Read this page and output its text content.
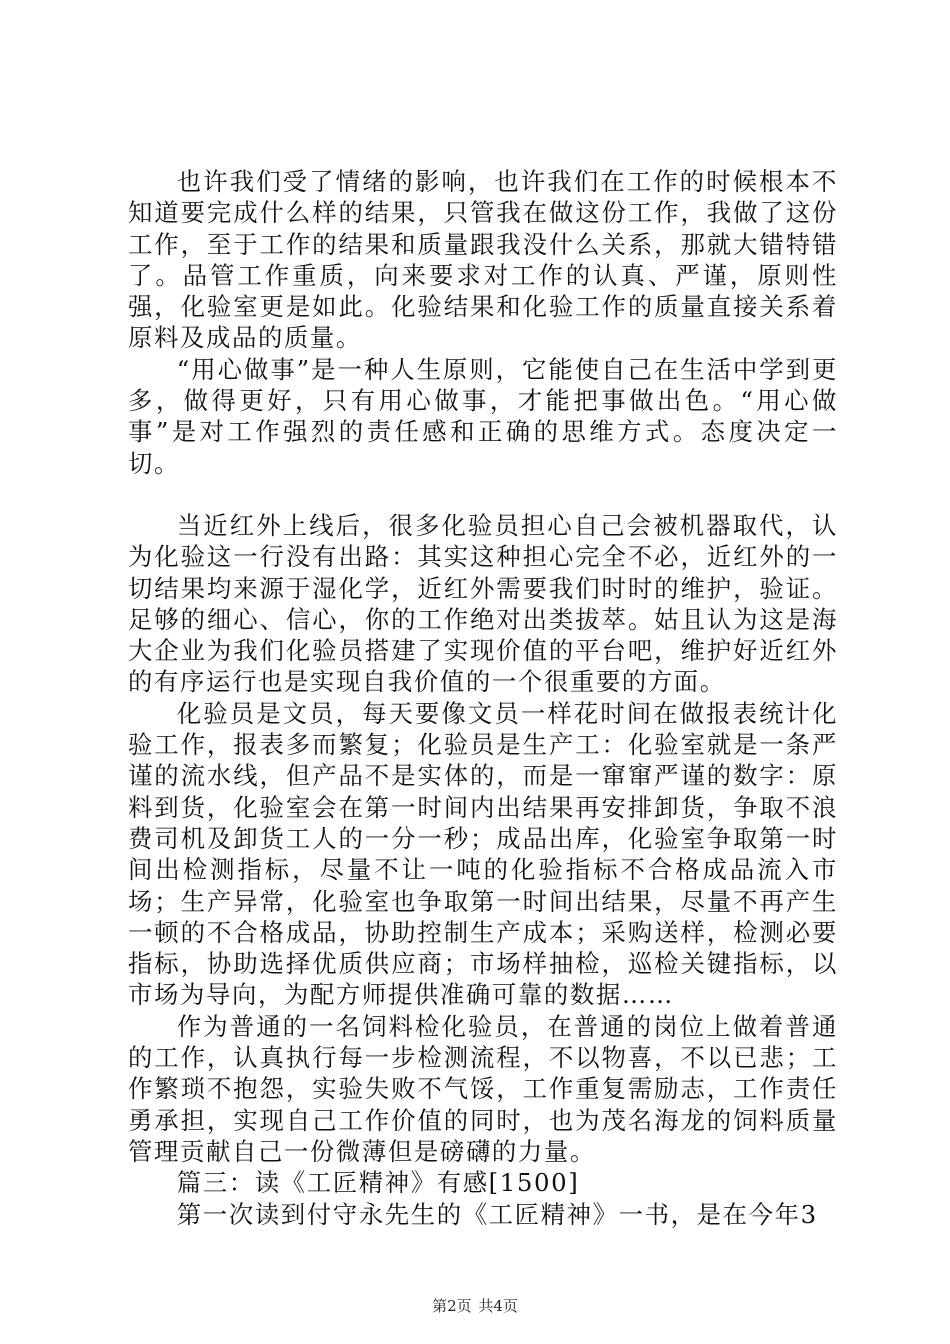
也许我们受了情绪的影响，也许我们在工作的时候根本不知道要完成什么样的结果，只管我在做这份工作，我做了这份工作，至于工作的结果和质量跟我没什么关系，那就大错特错了。品管工作重质，向来要求对工作的认真、严谨，原则性强，化验室更是如此。化验结果和化验工作的质量直接关系着原料及成品的质量。

“用心做事”是一种人生原则，它能使自己在生活中学到更多，做得更好，只有用心做事，才能把事做出色。“用心做事”是对工作强烈的责任感和正确的思维方式。态度决定一切。

当近红外上线后，很多化验员担心自己会被机器取代，认为化验这一行没有出路：其实这种担心完全不必，近红外的一切结果均来源于湿化学，近红外需要我们时时的维护，验证。足够的细心、信心，你的工作绝对出类拔萃。姑且认为这是海大企业为我们化验员搭建了实现价值的平台吧，维护好近红外的有序运行也是实现自我价值的一个很重要的方面。

化验员是文员，每天要像文员一样花时间在做报表统计化验工作，报表多而繁复；化验员是生产工：化验室就是一条严谨的流水线，但产品不是实体的，而是一窜窜严谨的数字：原料到货，化验室会在第一时间内出结果再安排卸货，争取不浪费司机及卸货工人的一分一秒；成品出库，化验室争取第一时间出检测指标，尽量不让一吨的化验指标不合格成品流入市场；生产异常，化验室也争取第一时间出结果，尽量不再产生一顿的不合格成品，协助控制生产成本；采购送样，检测必要指标，协助选择优质供应商；市场样抽检，巡检关键指标，以市场为导向，为配方师提供准确可靠的数据……

作为普通的一名饲料检化验员，在普通的岗位上做着普通的工作，认真执行每一步检测流程，不以物喜，不以已悲；工作繁琐不抱怨，实验失败不气馁，工作重复需励志，工作责任勇承担，实现自己工作价值的同时，也为茂名海龙的饲料质量管理贡献自己一份微薄但是磅礴的力量。

篇三：读《工匠精神》有感[1500]

第一次读到付守永先生的《工匠精神》一书，是在今年3

第2页 共4页
